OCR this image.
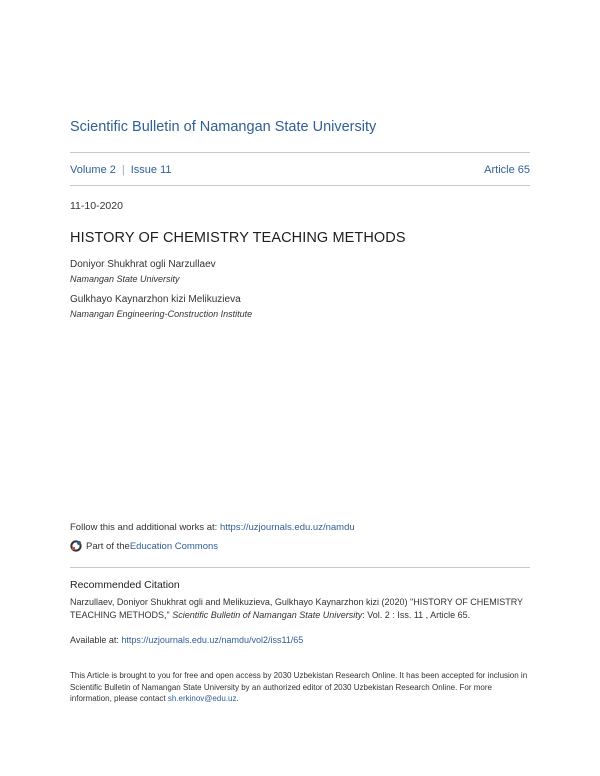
Scientific Bulletin of Namangan State University
Volume 2 | Issue 11	Article 65
11-10-2020
HISTORY OF CHEMISTRY TEACHING METHODS
Doniyor Shukhrat ogli Narzullaev
Namangan State University
Gulkhayo Kaynarzhon kizi Melikuzieva
Namangan Engineering-Construction Institute
Follow this and additional works at: https://uzjournals.edu.uz/namdu
Part of the Education Commons
Recommended Citation
Narzullaev, Doniyor Shukhrat ogli and Melikuzieva, Gulkhayo Kaynarzhon kizi (2020) "HISTORY OF CHEMISTRY TEACHING METHODS," Scientific Bulletin of Namangan State University: Vol. 2 : Iss. 11 , Article 65.
Available at: https://uzjournals.edu.uz/namdu/vol2/iss11/65
This Article is brought to you for free and open access by 2030 Uzbekistan Research Online. It has been accepted for inclusion in Scientific Bulletin of Namangan State University by an authorized editor of 2030 Uzbekistan Research Online. For more information, please contact sh.erkinov@edu.uz.
